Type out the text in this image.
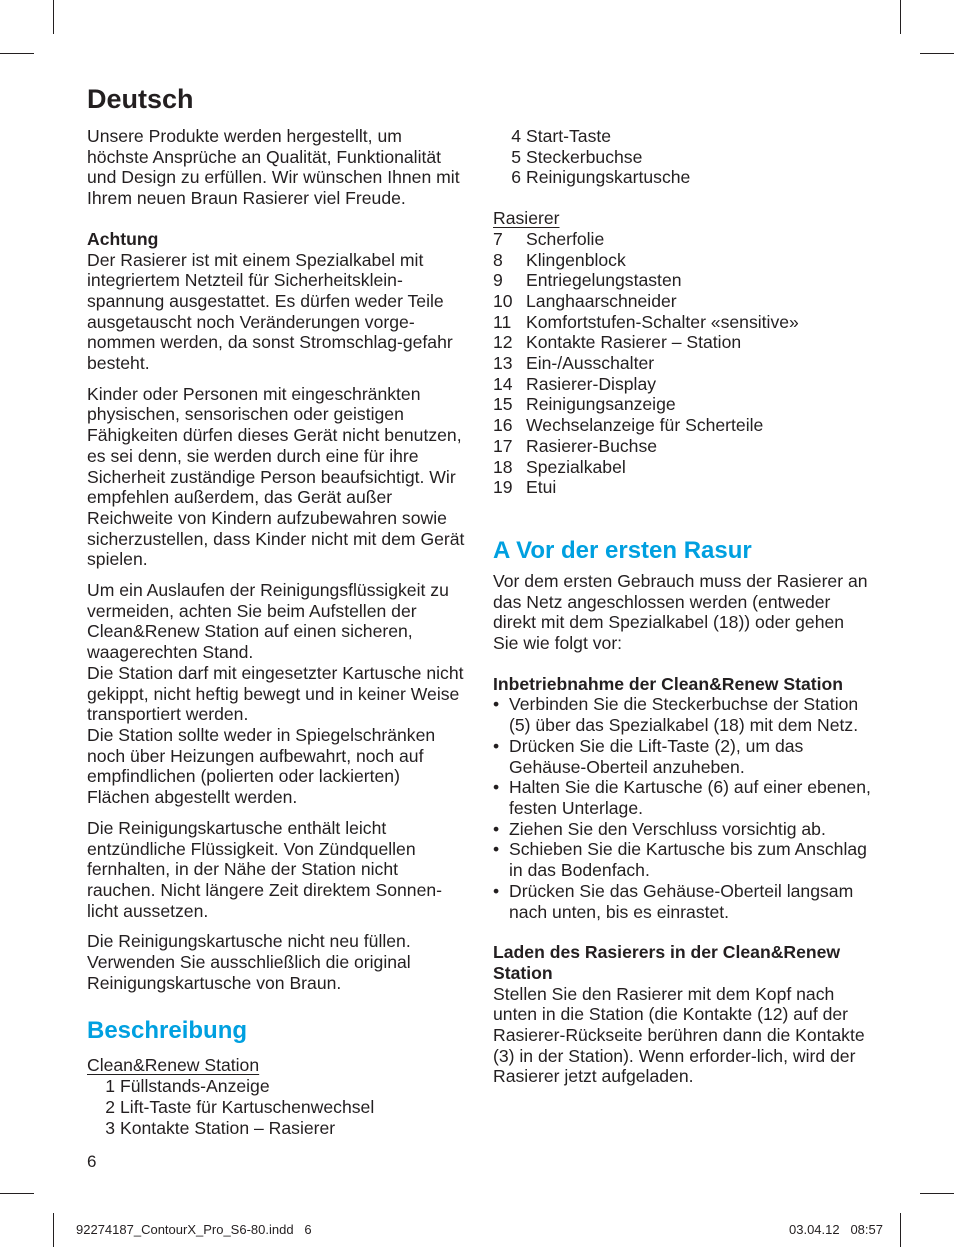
Deutsch

Unsere Produkte werden hergestellt, um höchste Ansprüche an Qualität, Funktionalität und Design zu erfüllen. Wir wünschen Ihnen mit Ihrem neuen Braun Rasierer viel Freude.

Achtung

Der Rasierer ist mit einem Spezialkabel mit integriertem Netzteil für Sicherheitsklein-spannung ausgestattet. Es dürfen weder Teile ausgetauscht noch Veränderungen vorge-nommen werden, da sonst Stromschlag-gefahr besteht.

Kinder oder Personen mit eingeschränkten physischen, sensorischen oder geistigen Fähigkeiten dürfen dieses Gerät nicht benutzen, es sei denn, sie werden durch eine für ihre Sicherheit zuständige Person beaufsichtigt. Wir empfehlen außerdem, das Gerät außer Reichweite von Kindern aufzubewahren sowie sicherzustellen, dass Kinder nicht mit dem Gerät spielen.

Um ein Auslaufen der Reinigungsflüssigkeit zu vermeiden, achten Sie beim Aufstellen der Clean&Renew Station auf einen sicheren, waagerechten Stand.

Die Station darf mit eingesetzter Kartusche nicht gekippt, nicht heftig bewegt und in keiner Weise transportiert werden.

Die Station sollte weder in Spiegelschränken noch über Heizungen aufbewahrt, noch auf empfindlichen (polierten oder lackierten) Flächen abgestellt werden.

Die Reinigungskartusche enthält leicht entzündliche Flüssigkeit. Von Zündquellen fernhalten, in der Nähe der Station nicht rauchen. Nicht längere Zeit direktem Sonnen-licht aussetzen.

Die Reinigungskartusche nicht neu füllen. Verwenden Sie ausschließlich die original Reinigungskartusche von Braun.

Beschreibung

Clean&Renew Station

1 Füllstands-Anzeige
2 Lift-Taste für Kartuschenwechsel
3 Kontakte Station – Rasierer
6
4 Start-Taste
5 Steckerbuchse
6 Reinigungskartusche

Rasierer

7	Scherfolie
8	Klingenblock
9	Entriegelungstasten
10 Langhaarschneider
11 Komfortstufen-Schalter «sensitive»
12 Kontakte Rasierer – Station
13 Ein-/Ausschalter
14 Rasierer-Display
15 Reinigungsanzeige
16 Wechselanzeige für Scherteile
17 Rasierer-Buchse
18 Spezialkabel
19 Etui
A Vor der ersten Rasur

Vor dem ersten Gebrauch muss der Rasierer an das Netz angeschlossen werden (entweder direkt mit dem Spezialkabel (18)) oder gehen Sie wie folgt vor:

Inbetriebnahme der Clean&Renew Station

• Verbinden Sie die Steckerbuchse der Station (5) über das Spezialkabel (18) mit dem Netz.
• Drücken Sie die Lift-Taste (2), um das Gehäuse-Oberteil anzuheben.
• Halten Sie die Kartusche (6) auf einer ebenen, festen Unterlage.
• Ziehen Sie den Verschluss vorsichtig ab.
• Schieben Sie die Kartusche bis zum Anschlag in das Bodenfach.
• Drücken Sie das Gehäuse-Oberteil langsam nach unten, bis es einrastet.

Laden des Rasierers in der Clean&Renew Station

Stellen Sie den Rasierer mit dem Kopf nach unten in die Station (die Kontakte (12) auf der Rasierer-Rückseite berühren dann die Kontakte (3) in der Station). Wenn erforder-lich, wird der Rasierer jetzt aufgeladen.

92274187_ContourX_Pro_S6-80.indd   6	03.04.12   08:57
